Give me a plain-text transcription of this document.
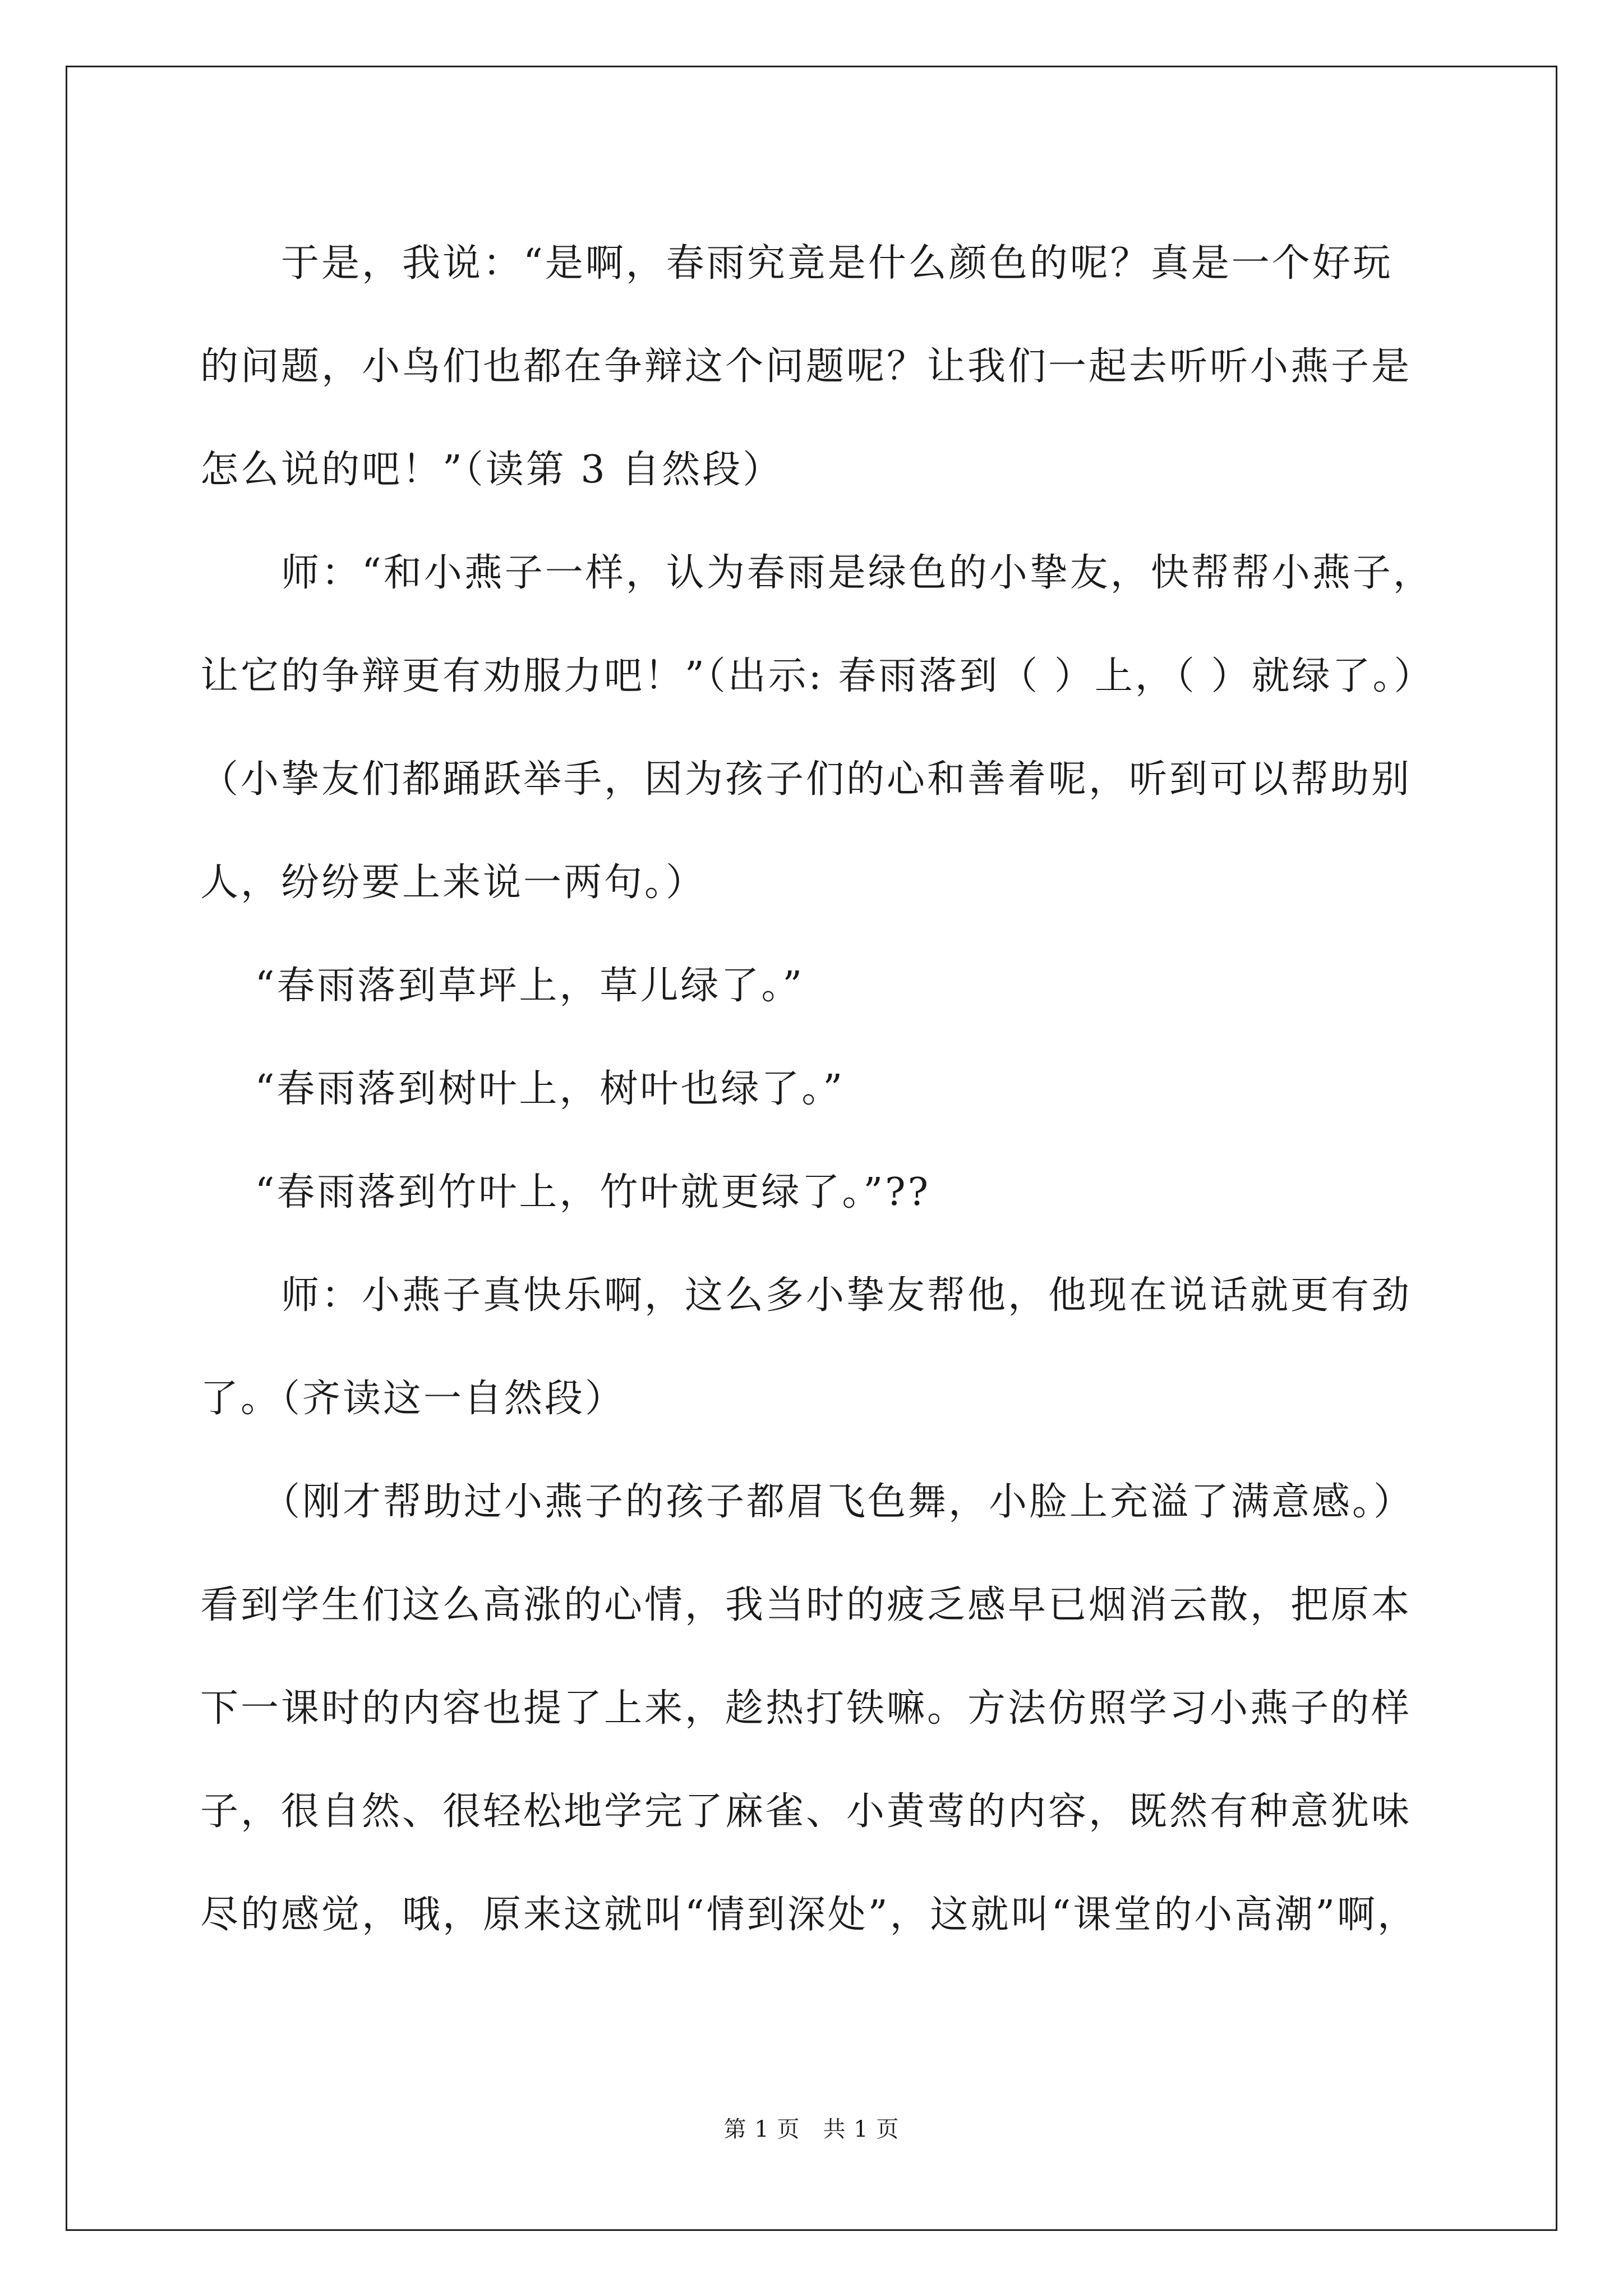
　　于是，我说：“是啊，春雨究竟是什么颜色的呢？真是一个好玩
的问题，小鸟们也都在争辩这个问题呢？让我们一起去听听小燕子是
怎么说的吧！”（读第 3 自然段）
　　师：“和小燕子一样，认为春雨是绿色的小挚友，快帮帮小燕子，
让它的争辩更有劝服力吧！”（出示: 春雨落到（ ）上，（ ）就绿了。）
（小挚友们都踊跃举手，因为孩子们的心和善着呢，听到可以帮助别
人，纷纷要上来说一两句。）
　 “春雨落到草坪上，草儿绿了。”
　 “春雨落到树叶上，树叶也绿了。”
　 “春雨落到竹叶上，竹叶就更绿了。”??
　　师：小燕子真快乐啊，这么多小挚友帮他，他现在说话就更有劲
了。（齐读这一自然段）
　　（刚才帮助过小燕子的孩子都眉飞色舞，小脸上充溢了满意感。）
看到学生们这么高涨的心情，我当时的疲乏感早已烟消云散，把原本
下一课时的内容也提了上来，趁热打铁嘛。方法仿照学习小燕子的样
子，很自然、很轻松地学完了麻雀、小黄莺的内容，既然有种意犹味
尽的感觉，哦，原来这就叫“情到深处”，这就叫“课堂的小高潮”啊，
第 1 页　共 1 页
